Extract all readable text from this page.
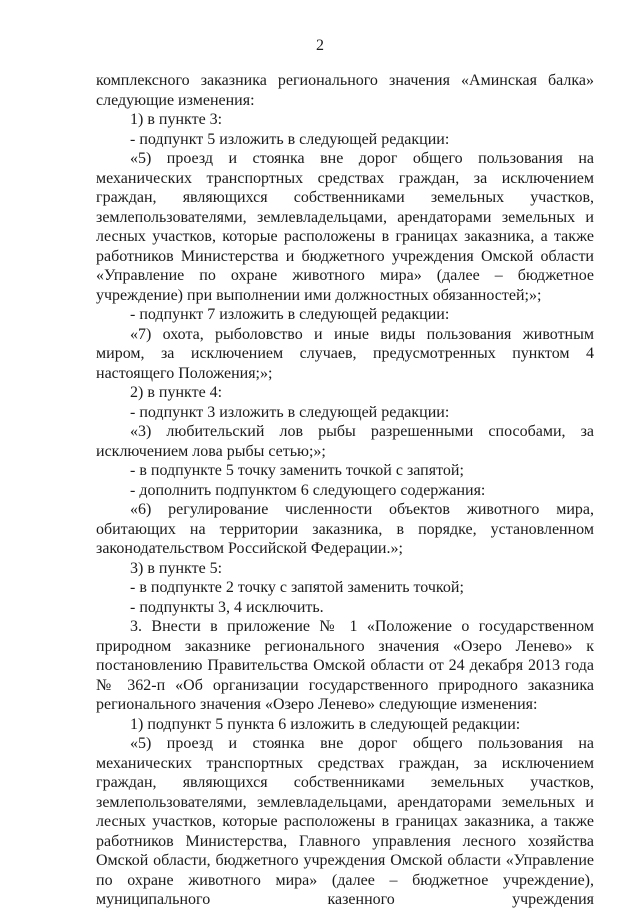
2

комплексного заказника регионального значения «Аминская балка» следующие изменения:

1) в пункте 3:

- подпункт 5 изложить в следующей редакции:

«5) проезд и стоянка вне дорог общего пользования на механических транспортных средствах граждан, за исключением граждан, являющихся собственниками земельных участков, землепользователями, землевладельцами, арендаторами земельных и лесных участков, которые расположены в границах заказника, а также работников Министерства и бюджетного учреждения Омской области «Управление по охране животного мира» (далее – бюджетное учреждение) при выполнении ими должностных обязанностей;»;

- подпункт 7 изложить в следующей редакции:

«7) охота, рыболовство и иные виды пользования животным миром, за исключением случаев, предусмотренных пунктом 4 настоящего Положения;»;

2) в пункте 4:

- подпункт 3 изложить в следующей редакции:

«3) любительский лов рыбы разрешенными способами, за исключением лова рыбы сетью;»;

- в подпункте 5 точку заменить точкой с запятой;

- дополнить подпунктом 6 следующего содержания:

«6) регулирование численности объектов животного мира, обитающих на территории заказника, в порядке, установленном законодательством Российской Федерации.»;

3) в пункте 5:

- в подпункте 2 точку с запятой заменить точкой;

- подпункты 3, 4 исключить.

3. Внести в приложение № 1 «Положение о государственном природном заказнике регионального значения «Озеро Ленево» к постановлению Правительства Омской области от 24 декабря 2013 года № 362-п «Об организации государственного природного заказника регионального значения «Озеро Ленево» следующие изменения:

1) подпункт 5 пункта 6 изложить в следующей редакции:

«5) проезд и стоянка вне дорог общего пользования на механических транспортных средствах граждан, за исключением граждан, являющихся собственниками земельных участков, землепользователями, землевладельцами, арендаторами земельных и лесных участков, которые расположены в границах заказника, а также работников Министерства, Главного управления лесного хозяйства Омской области, бюджетного учреждения Омской области «Управление по охране животного мира» (далее – бюджетное учреждение), муниципального казенного учреждения
